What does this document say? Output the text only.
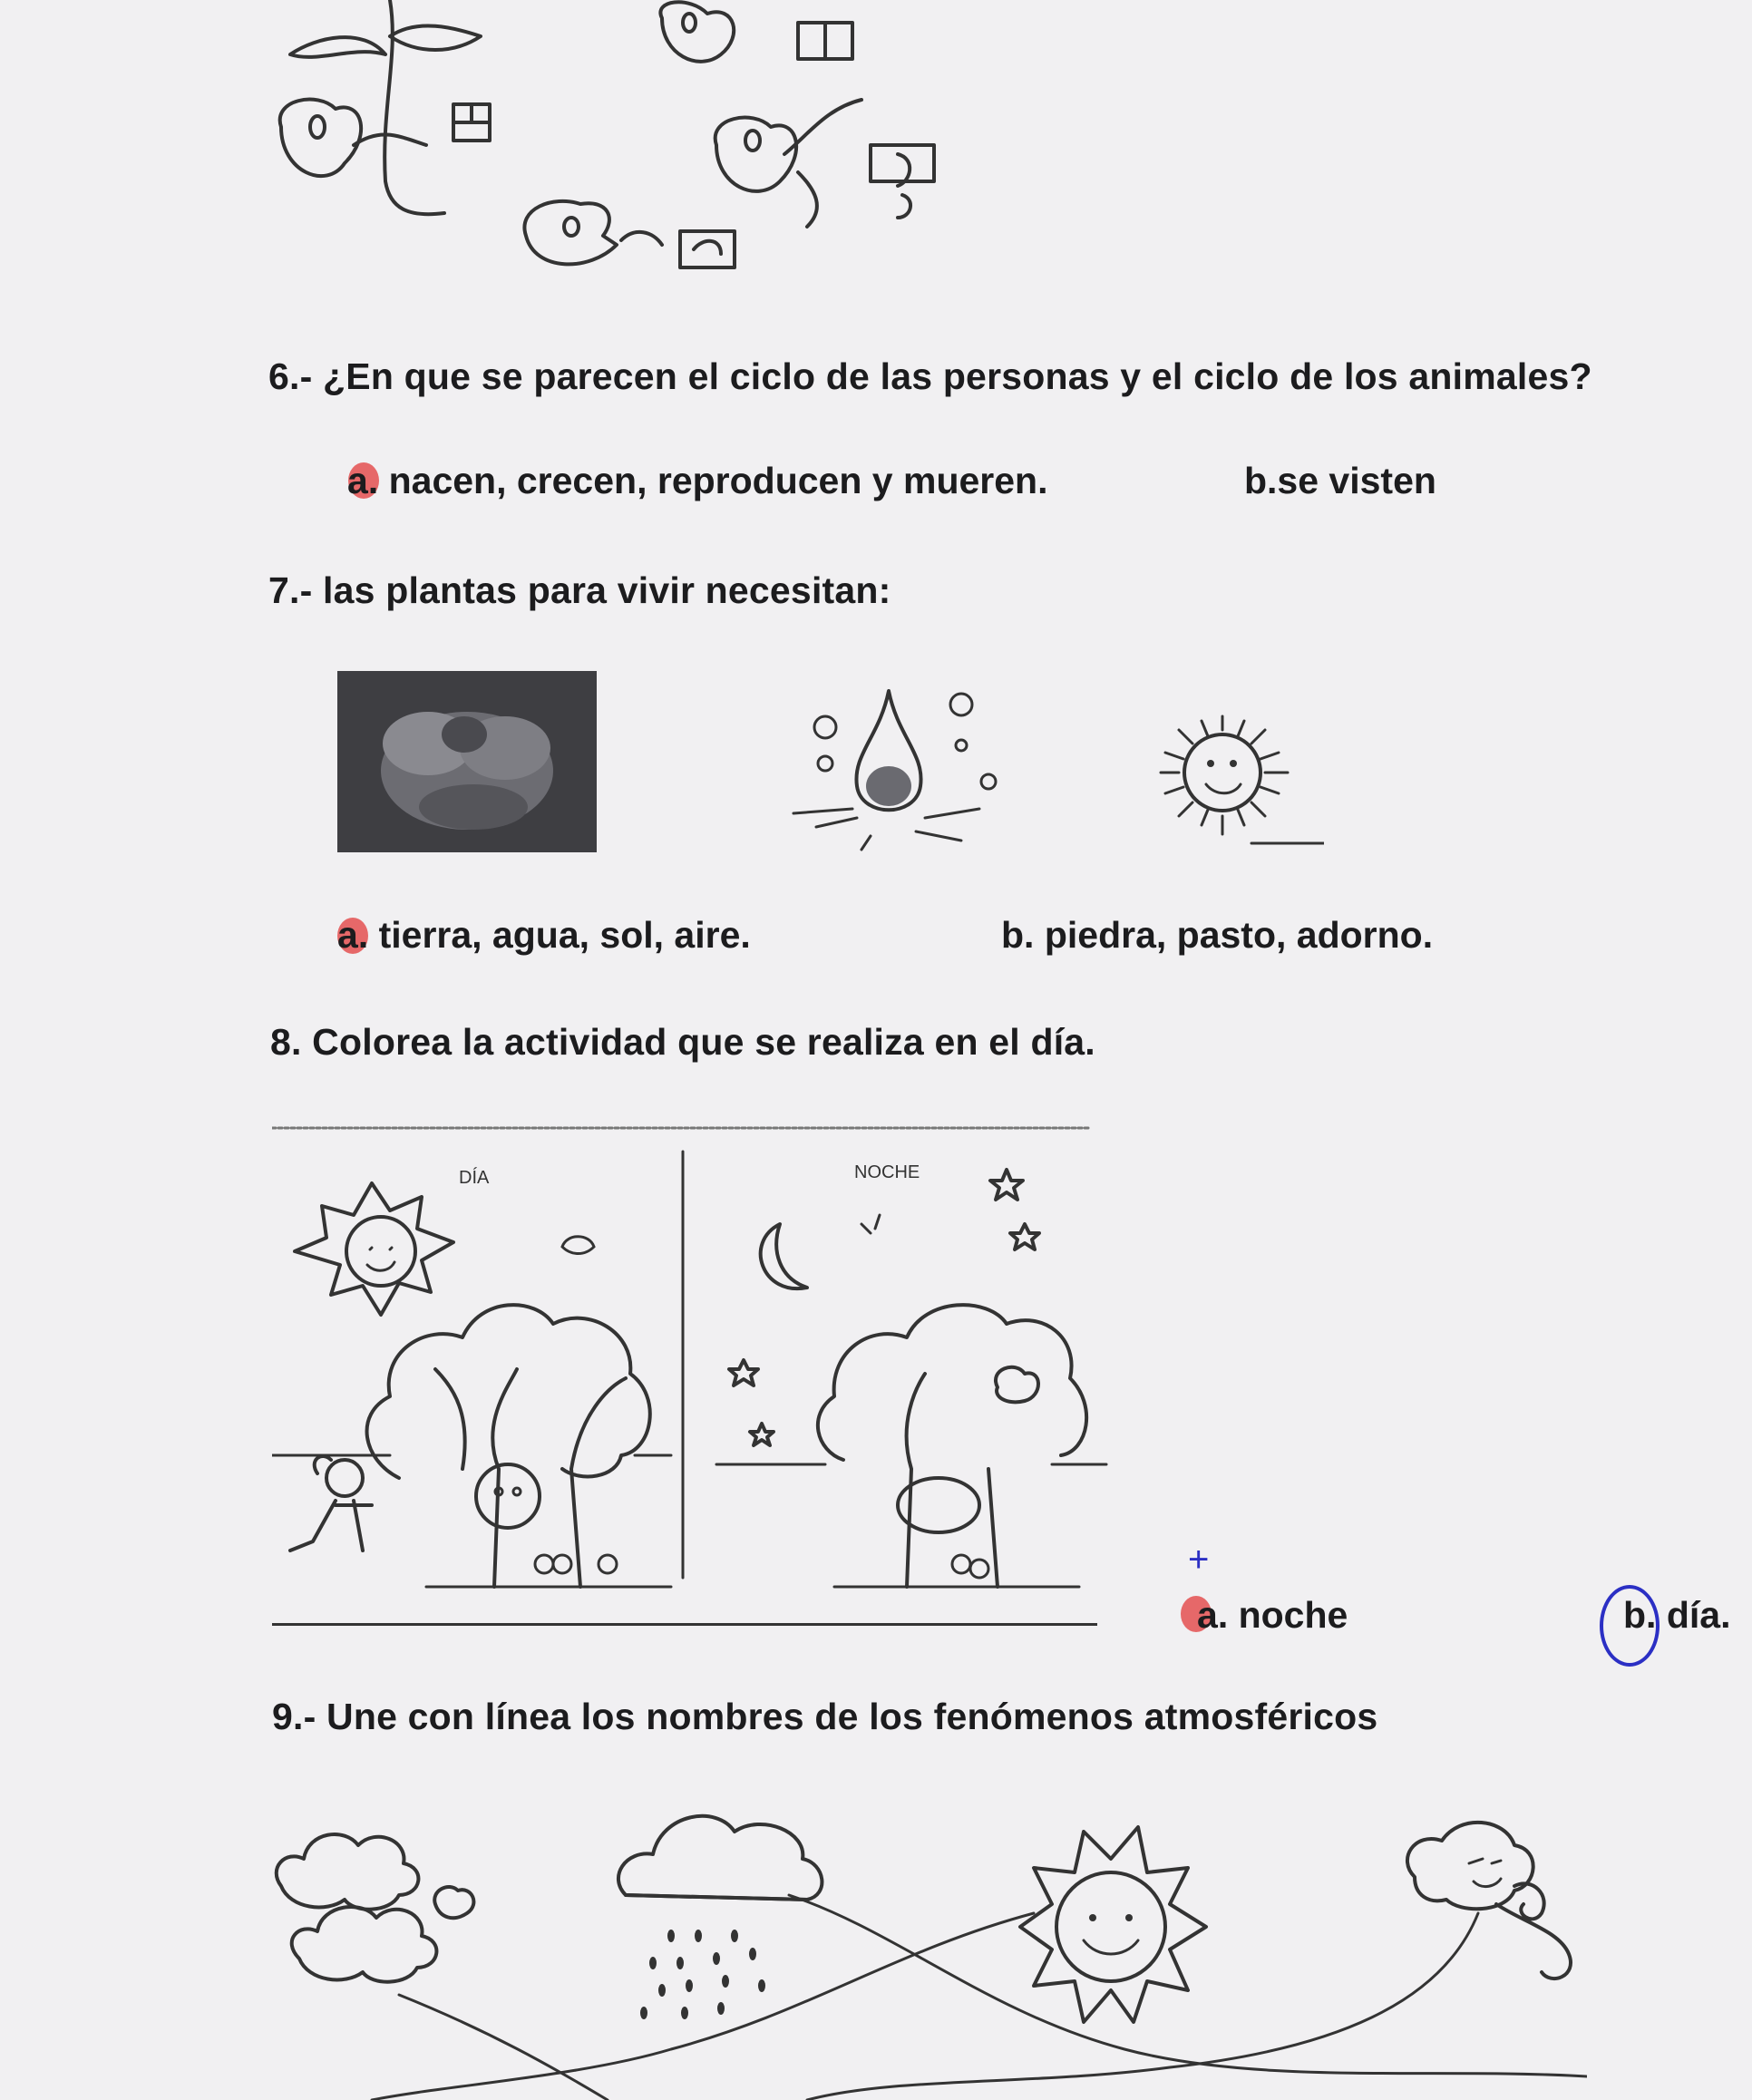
6.- ¿En que se parecen el ciclo de las personas y el ciclo de los animales?
a. nacen, crecen, reproducen y mueren.	b.se visten
7.- las plantas para vivir necesitan:
a. tierra, agua, sol, aire.	b. piedra, pasto, adorno.
8. Colorea la actividad que se realiza en el día.
DÍA	NOCHE
+
a. noche	b. día.
9.- Une con línea los nombres de los fenómenos atmosféricos
